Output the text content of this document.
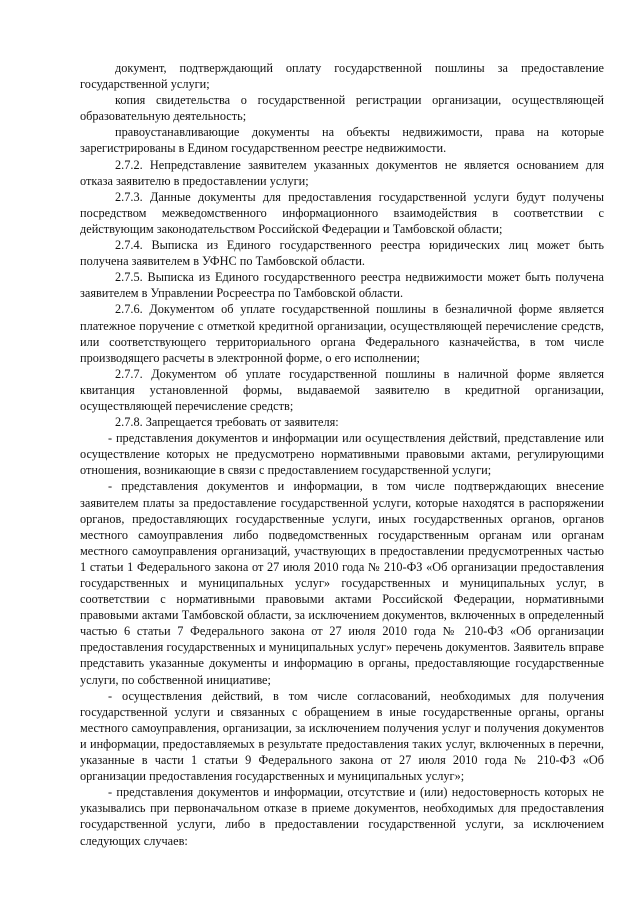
документ, подтверждающий оплату государственной пошлины за предоставление государственной услуги;

копия свидетельства о государственной регистрации организации, осуществляющей образовательную деятельность;

правоустанавливающие документы на объекты недвижимости, права на которые зарегистрированы в Едином государственном реестре недвижимости.

2.7.2. Непредставление заявителем указанных документов не является основанием для отказа заявителю в предоставлении услуги;

2.7.3. Данные документы для предоставления государственной услуги будут получены посредством межведомственного информационного взаимодействия в соответствии с действующим законодательством Российской Федерации и Тамбовской области;

2.7.4. Выписка из Единого государственного реестра юридических лиц может быть получена заявителем в УФНС по Тамбовской области.

2.7.5. Выписка из Единого государственного реестра недвижимости может быть получена заявителем в Управлении Росреестра по Тамбовской области.

2.7.6. Документом об уплате государственной пошлины в безналичной форме является платежное поручение с отметкой кредитной организации, осуществляющей перечисление средств, или соответствующего территориального органа Федерального казначейства, в том числе производящего расчеты в электронной форме, о его исполнении;

2.7.7. Документом об уплате государственной пошлины в наличной форме является квитанция установленной формы, выдаваемой заявителю в кредитной организации, осуществляющей перечисление средств;

2.7.8. Запрещается требовать от заявителя:

- представления документов и информации или осуществления действий, представление или осуществление которых не предусмотрено нормативными правовыми актами, регулирующими отношения, возникающие в связи с предоставлением государственной услуги;

- представления документов и информации, в том числе подтверждающих внесение заявителем платы за предоставление государственной услуги, которые находятся в распоряжении органов, предоставляющих государственные услуги, иных государственных органов, органов местного самоуправления либо подведомственных государственным органам или органам местного самоуправления организаций, участвующих в предоставлении предусмотренных частью 1 статьи 1 Федерального закона от 27 июля 2010 года № 210-ФЗ «Об организации предоставления государственных и муниципальных услуг» государственных и муниципальных услуг, в соответствии с нормативными правовыми актами Российской Федерации, нормативными правовыми актами Тамбовской области, за исключением документов, включенных в определенный частью 6 статьи 7 Федерального закона от 27 июля 2010 года № 210-ФЗ «Об организации предоставления государственных и муниципальных услуг» перечень документов. Заявитель вправе представить указанные документы и информацию в органы, предоставляющие государственные услуги, по собственной инициативе;

- осуществления действий, в том числе согласований, необходимых для получения государственной услуги и связанных с обращением в иные государственные органы, органы местного самоуправления, организации, за исключением получения услуг и получения документов и информации, предоставляемых в результате предоставления таких услуг, включенных в перечни, указанные в части 1 статьи 9 Федерального закона от 27 июля 2010 года № 210-ФЗ «Об организации предоставления государственных и муниципальных услуг»;

- представления документов и информации, отсутствие и (или) недостоверность которых не указывались при первоначальном отказе в приеме документов, необходимых для предоставления государственной услуги, либо в предоставлении государственной услуги, за исключением следующих случаев:
